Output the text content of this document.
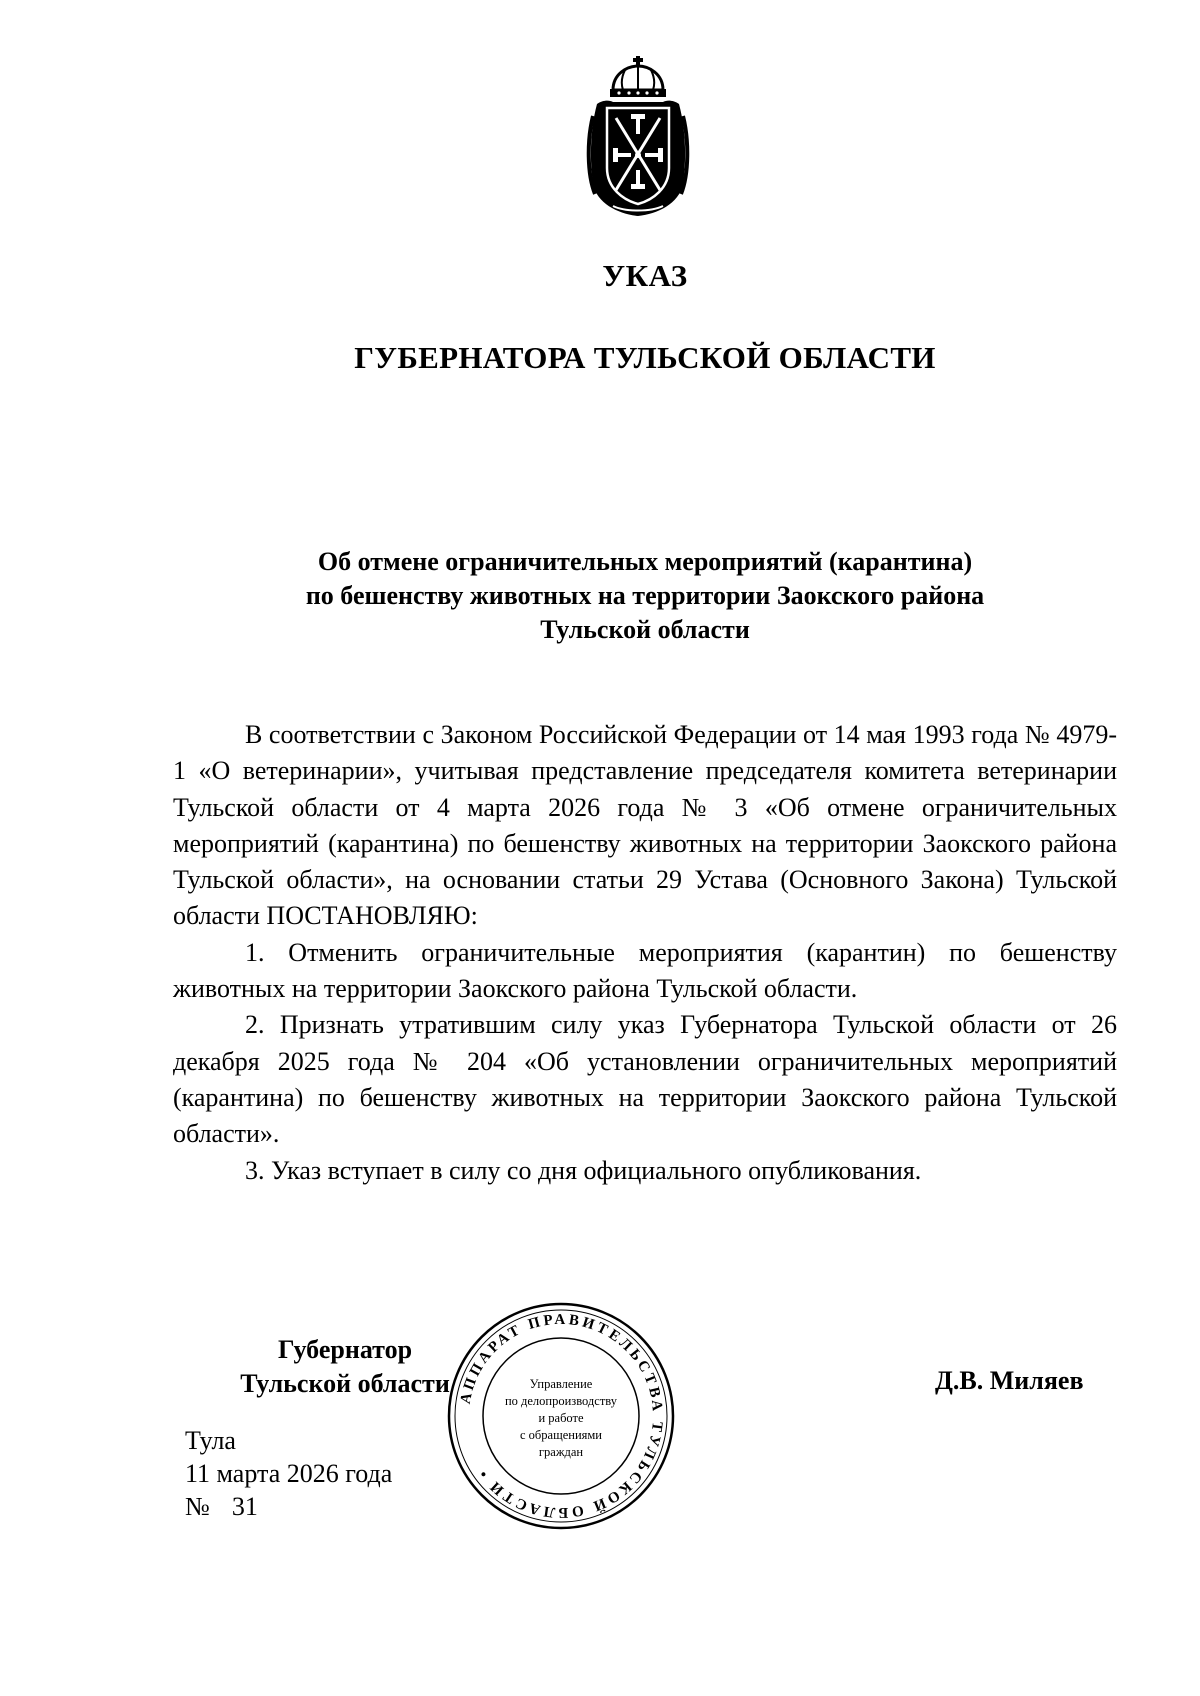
УКАЗ
ГУБЕРНАТОРА ТУЛЬСКОЙ ОБЛАСТИ
Об отмене ограничительных мероприятий (карантина)
по бешенству животных на территории Заокского района
Тульской области

В соответствии с Законом Российской Федерации от 14 мая 1993 года № 4979-1 «О ветеринарии», учитывая представление председателя комитета ветеринарии Тульской области от 4 марта 2026 года № 3 «Об отмене ограничительных мероприятий (карантина) по бешенству животных на территории Заокского района Тульской области», на основании статьи 29 Устава (Основного Закона) Тульской области ПОСТАНОВЛЯЮ:

1. Отменить ограничительные мероприятия (карантин) по бешенству животных на территории Заокского района Тульской области.

2. Признать утратившим силу указ Губернатора Тульской области от 26 декабря 2025 года № 204 «Об установлении ограничительных мероприятий (карантина) по бешенству животных на территории Заокского района Тульской области».

3. Указ вступает в силу со дня официального опубликования.

Губернатор
Тульской области АППАРАТ ПРАВИТЕЛЬСТВА ТУЛЬСКОЙ ОБЛАСТИ •
Управление
по делопроизводству
и работе
с обращениями
граждан
Д.В. Миляев
Тула
11 марта 2026 года
№ 31
